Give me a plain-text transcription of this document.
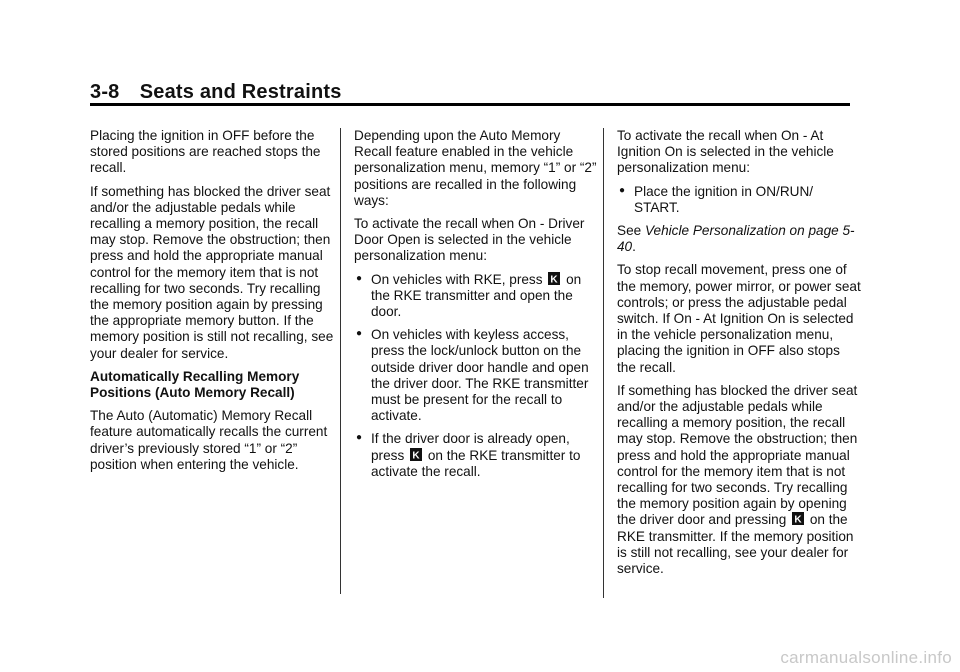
3-8 Seats and Restraints

Placing the ignition in OFF before the stored positions are reached stops the recall.

If something has blocked the driver seat and/or the adjustable pedals while recalling a memory position, the recall may stop. Remove the obstruction; then press and hold the appropriate manual control for the memory item that is not recalling for two seconds. Try recalling the memory position again by pressing the appropriate memory button. If the memory position is still not recalling, see your dealer for service.

Automatically Recalling Memory Positions (Auto Memory Recall)

The Auto (Automatic) Memory Recall feature automatically recalls the current driver’s previously stored “1” or “2” position when entering the vehicle.

Depending upon the Auto Memory Recall feature enabled in the vehicle personalization menu, memory “1” or “2” positions are recalled in the following ways:

To activate the recall when On - Driver Door Open is selected in the vehicle personalization menu:

● On vehicles with RKE, press K on the RKE transmitter and open the door.
● On vehicles with keyless access, press the lock/unlock button on the outside driver door handle and open the driver door. The RKE transmitter must be present for the recall to activate.
● If the driver door is already open, press K on the RKE transmitter to activate the recall.

To activate the recall when On - At Ignition On is selected in the vehicle personalization menu:

● Place the ignition in ON/RUN/ START.

See Vehicle Personalization on page 5-40.

To stop recall movement, press one of the memory, power mirror, or power seat controls; or press the adjustable pedal switch. If On - At Ignition On is selected in the vehicle personalization menu, placing the ignition in OFF also stops the recall.

If something has blocked the driver seat and/or the adjustable pedals while recalling a memory position, the recall may stop. Remove the obstruction; then press and hold the appropriate manual control for the memory item that is not recalling for two seconds. Try recalling the memory position again by opening the driver door and pressing K on the RKE transmitter. If the memory position is still not recalling, see your dealer for service.

carmanualsonline.info
